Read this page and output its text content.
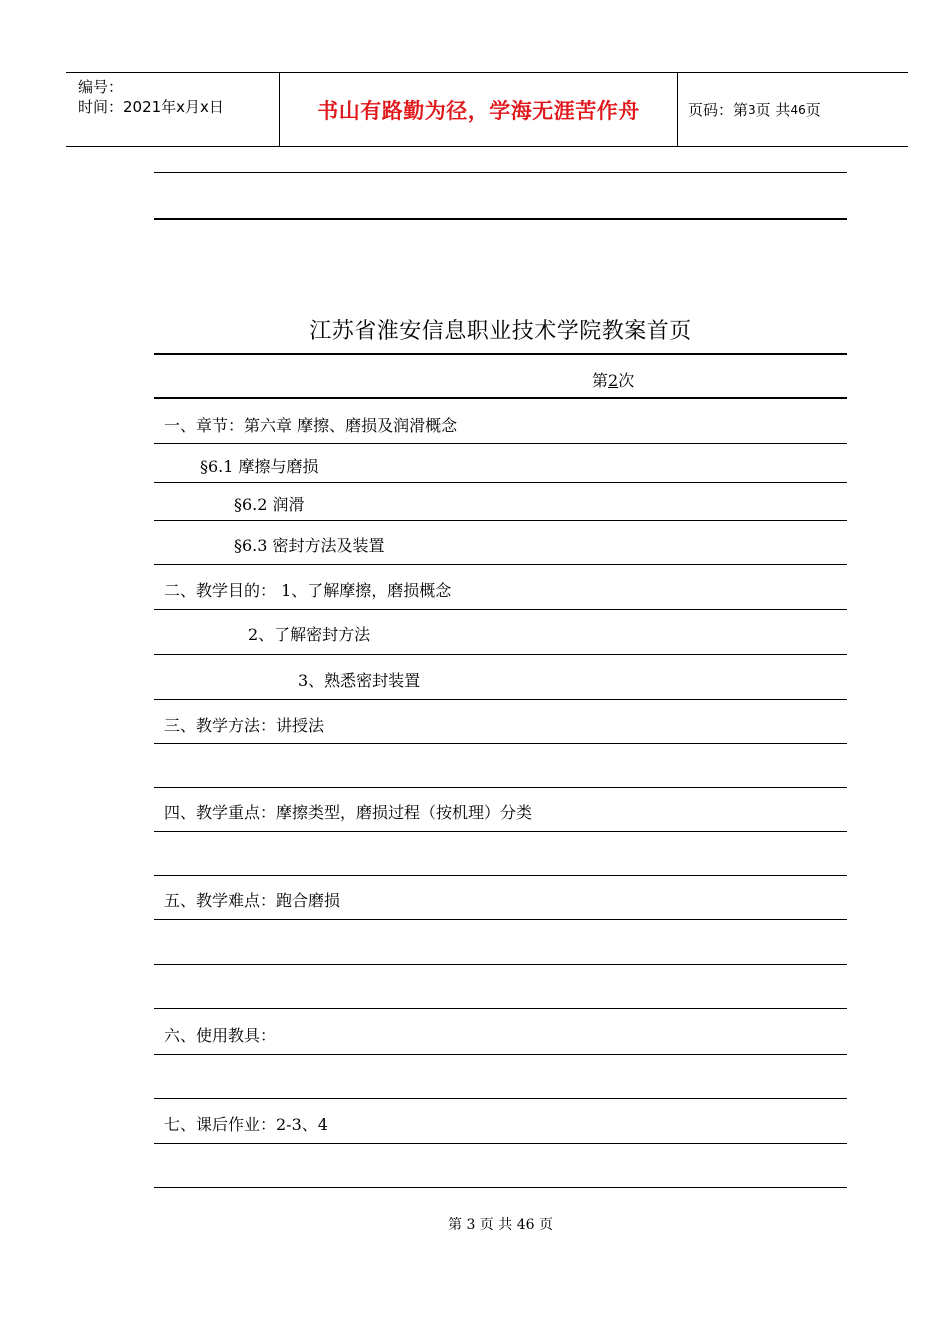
编号：
时间：2021年x月x日	书山有路勤为径，学海无涯苦作舟	页码：第 3 页 共 46 页
江苏省淮安信息职业技术学院教案首页
第2次
一、章节：第六章 摩擦、磨损及润滑概念
§6.1 摩擦与磨损
§6.2 润滑
§6.3 密封方法及装置
二、教学目的： 1、了解摩擦，磨损概念
2、了解密封方法
3、熟悉密封装置
三、教学方法：讲授法
四、教学重点：摩擦类型，磨损过程（按机理）分类
五、教学难点：跑合磨损
六、使用教具：
七、课后作业：2-3、4
第 3 页 共 46 页
